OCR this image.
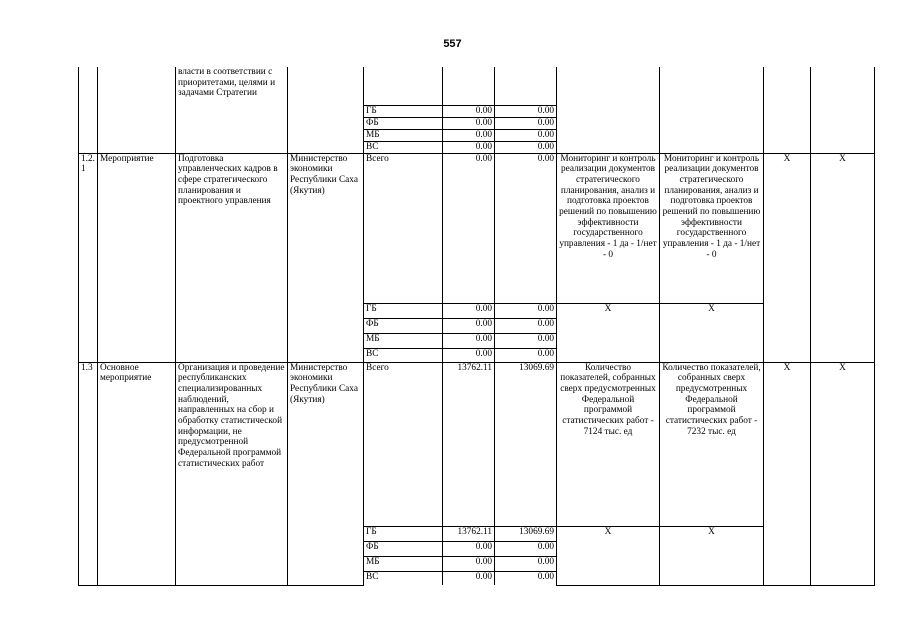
557
		власти в соответствии с приоритетами, целями и задачами Стратегии								
				ГБ	0.00	0.00				
				ФБ	0.00	0.00				
				МБ	0.00	0.00				
				ВС	0.00	0.00				
1.2. 1	Мероприятие	Подготовка управленческих кадров в сфере стратегического планирования и проектного управления	Министерство экономики Республики Саха (Якутия)	Всего	0.00	0.00	Мониторинг и контроль реализации документов стратегического планирования, анализ и подготовка проектов решений по повышению эффективности государственного управления - 1 да - 1/нет - 0	Мониторинг и контроль реализации документов стратегического планирования, анализ и подготовка проектов решений по повышению эффективности государственного управления - 1 да - 1/нет - 0	X	X
				ГБ	0.00	0.00	X	X		
				ФБ	0.00	0.00				
				МБ	0.00	0.00				
				ВС	0.00	0.00				
1.3	Основное мероприятие	Организация и проведение республиканских специализированных наблюдений, направленных на сбор и обработку статистической информации, не предусмотренной Федеральной программой статистических работ	Министерство экономики Республики Саха (Якутия)	Всего	13762.11	13069.69	Количество показателей, собранных сверх предусмотренных Федеральной программой статистических работ - 7124 тыс. ед	Количество показателей, собранных сверх предусмотренных Федеральной программой статистических работ - 7232 тыс. ед	X	X
				ГБ	13762.11	13069.69	X	X		
				ФБ	0.00	0.00				
				МБ	0.00	0.00				
				ВС	0.00	0.00				
